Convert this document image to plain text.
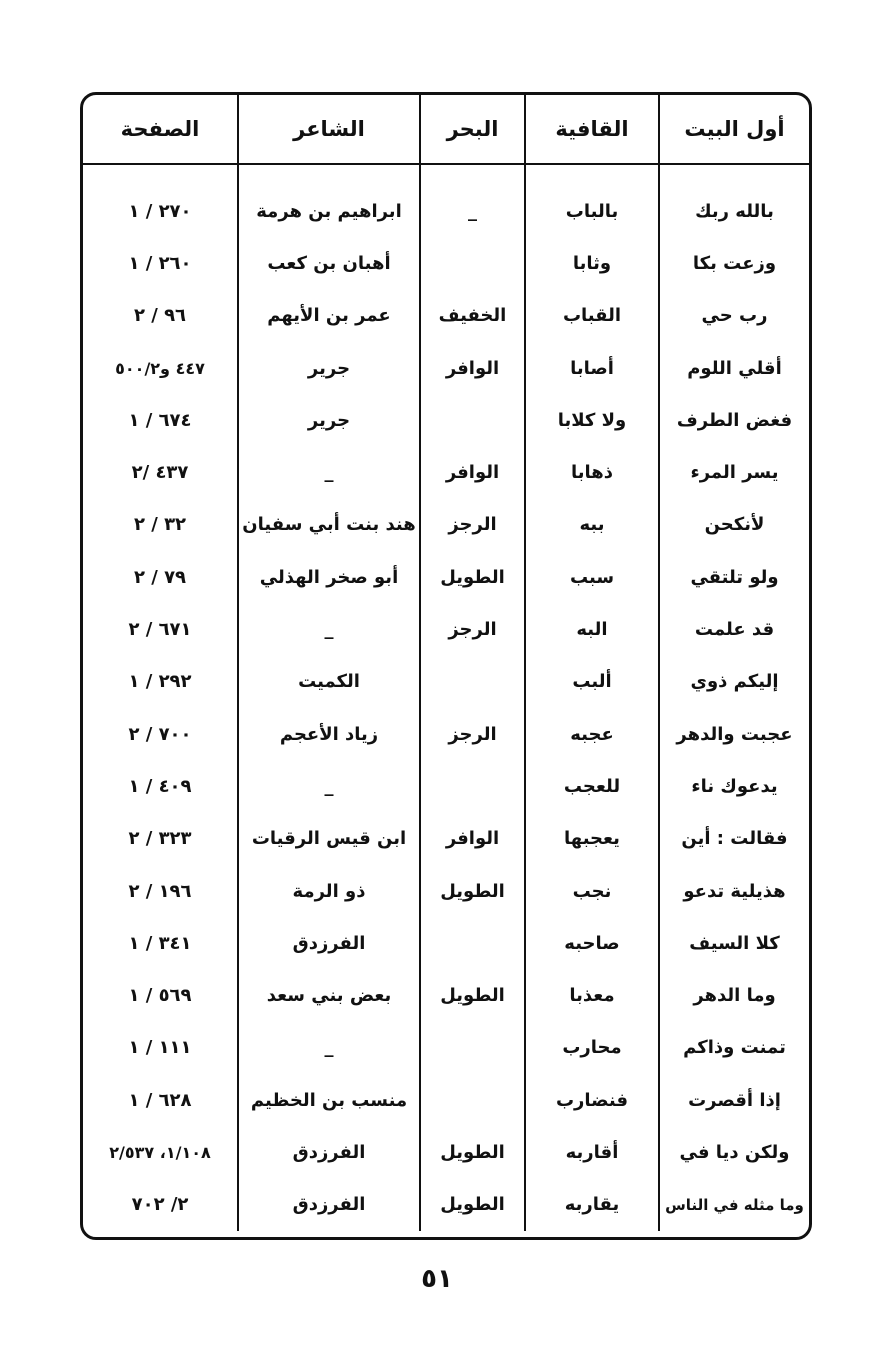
أول البيت	القافية	البحر	الشاعر	الصفحة
بالله ربك	بالباب	_	ابراهيم بن هرمة	٢٧٠ / ١
وزعت بكا	وثابا		أهبان بن كعب	٢٦٠ / ١
رب حي	القباب	الخفيف	عمر بن الأيهم	٩٦ / ٢
أقلي اللوم	أصابا	الوافر	جرير	٤٤٧ و٥٠٠/٢
فغض الطرف	ولا كلابا		جرير	٦٧٤ / ١
يسر المرء	ذهابا	الوافر	_	٤٣٧ /٢
لأنكحن	ببه	الرجز	هند بنت أبي سفيان	٣٢ / ٢
ولو تلتقي	سبب	الطويل	أبو صخر الهذلي	٧٩ / ٢
قد علمت	البه	الرجز	_	٦٧١ / ٢
إليكم ذوي	ألبب		الكميت	٢٩٢ / ١
عجبت والدهر	عجبه	الرجز	زياد الأعجم	٧٠٠ / ٢
يدعوك ناء	للعجب		_	٤٠٩ / ١
فقالت : أين	يعجبها	الوافر	ابن قيس الرقيات	٣٢٣ / ٢
هذيلية تدعو	نجب	الطويل	ذو الرمة	١٩٦ / ٢
كلا السيف	صاحبه		الفرزدق	٣٤١ / ١
وما الدهر	معذبا	الطويل	بعض بني سعد	٥٦٩ / ١
تمنت وذاكم	محارب		_	١١١ / ١
إذا أقصرت	فنضارب		منسب بن الخظيم	٦٢٨ / ١
ولكن ديا في	أقاربه	الطويل	الفرزدق	١/١٠٨، ٢/٥٣٧
وما مثله في الناس	يقاربه	الطويل	الفرزدق	٢/ ٧٠٢
٥١
